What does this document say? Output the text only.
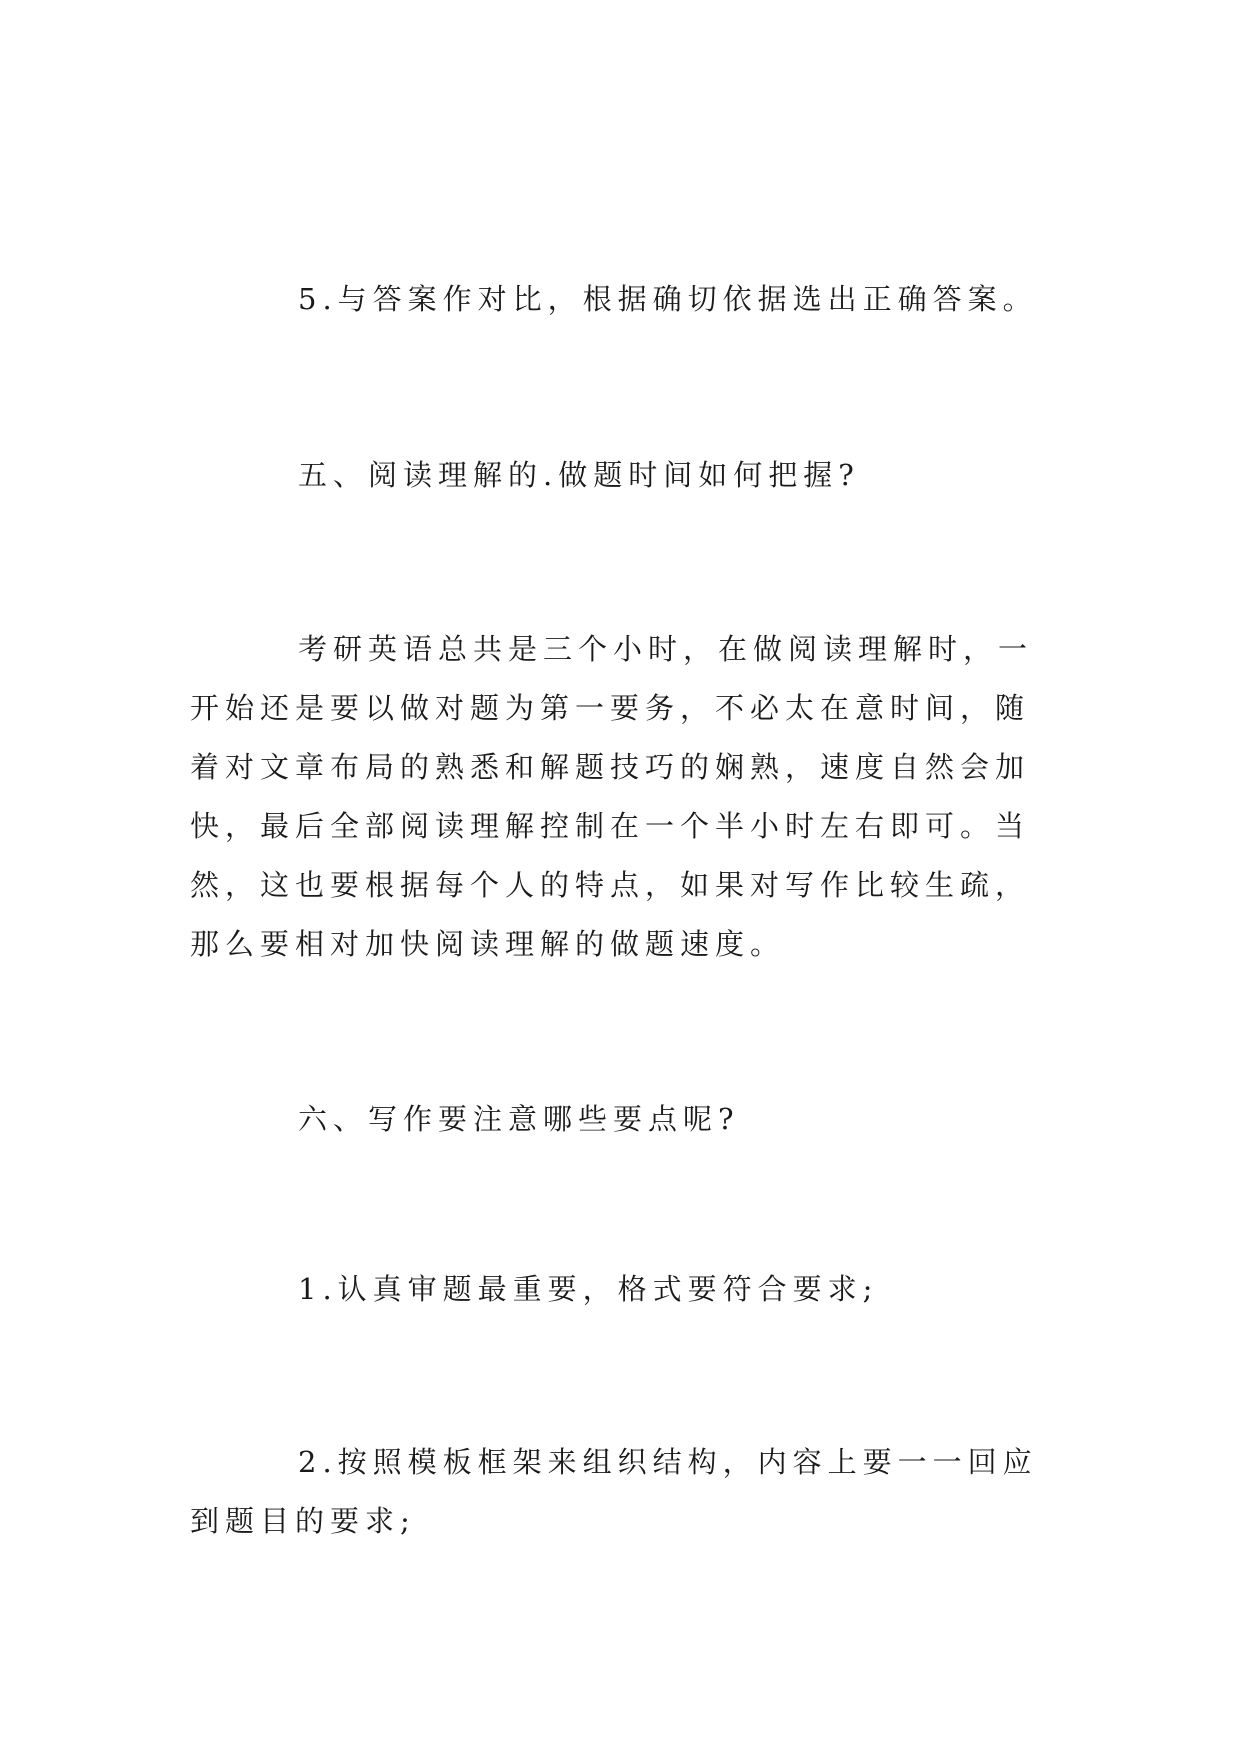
5.与答案作对比，根据确切依据选出正确答案。

五、阅读理解的.做题时间如何把握?

考研英语总共是三个小时，在做阅读理解时，一开始还是要以做对题为第一要务，不必太在意时间，随着对文章布局的熟悉和解题技巧的娴熟，速度自然会加快，最后全部阅读理解控制在一个半小时左右即可。当然，这也要根据每个人的特点，如果对写作比较生疏，那么要相对加快阅读理解的做题速度。

六、写作要注意哪些要点呢?

1.认真审题最重要，格式要符合要求;

2.按照模板框架来组织结构，内容上要一一回应到题目的要求;
